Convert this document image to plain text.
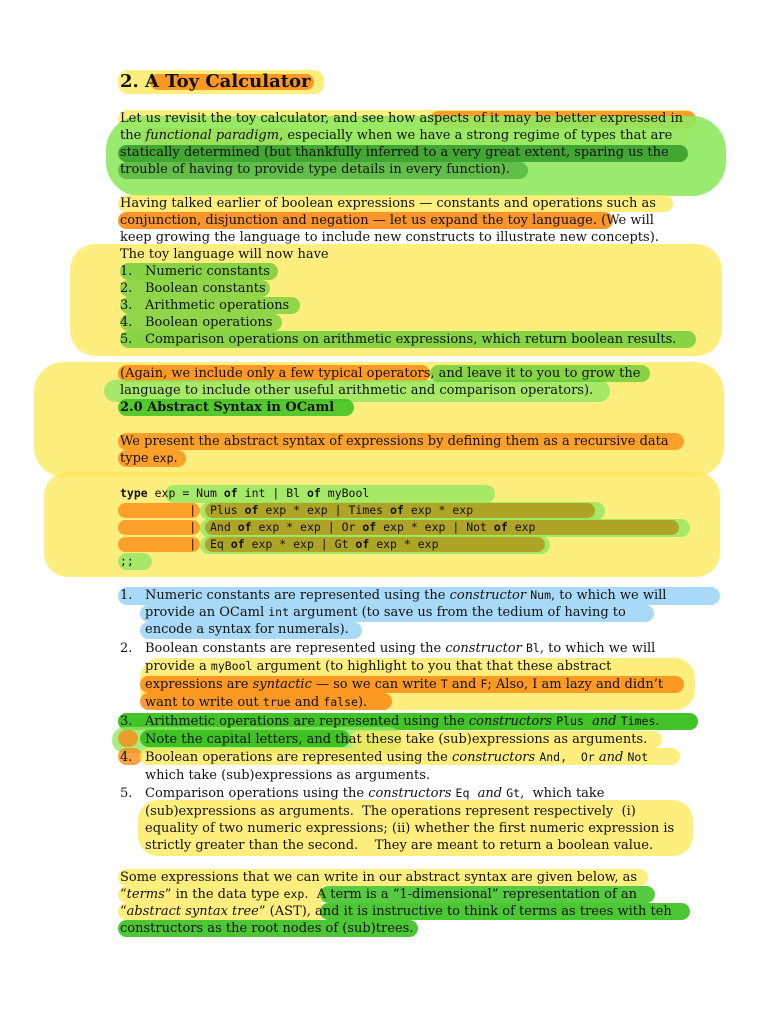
2. A Toy Calculator
Let us revisit the toy calculator, and see how aspects of it may be better expressed in
the functional paradigm, especially when we have a strong regime of types that are
statically determined (but thankfully inferred to a very great extent, sparing us the
trouble of having to provide type details in every function).
Having talked earlier of boolean expressions — constants and operations such as
conjunction, disjunction and negation — let us expand the toy language. (We will
keep growing the language to include new constructs to illustrate new concepts).
The toy language will now have
1. Numeric constants
2. Boolean constants
3. Arithmetic operations
4. Boolean operations
5. Comparison operations on arithmetic expressions, which return boolean results.
(Again, we include only a few typical operators, and leave it to you to grow the
language to include other useful arithmetic and comparison operators).
2.0 Abstract Syntax in OCaml
We present the abstract syntax of expressions by defining them as a recursive data
type exp.
type exp = Num of int | Bl of myBool
|  Plus of exp * exp | Times of exp * exp
|  And of exp * exp | Or of exp * exp | Not of exp
|  Eq of exp * exp | Gt of exp * exp
;;
1. Numeric constants are represented using the constructor Num, to which we will
provide an OCaml int argument (to save us from the tedium of having to
encode a syntax for numerals).
2. Boolean constants are represented using the constructor Bl, to which we will
provide a myBool argument (to highlight to you that that these abstract
expressions are syntactic — so we can write T and F; Also, I am lazy and didn’t
want to write out true and false).
3. Arithmetic operations are represented using the constructors Plus and Times.
Note the capital letters, and that these take (sub)expressions as arguments.
4. Boolean operations are represented using the constructors And,  Or and Not
which take (sub)expressions as arguments.
5. Comparison operations using the constructors Eq and Gt,  which take
(sub)expressions as arguments.  The operations represent respectively  (i)
equality of two numeric expressions; (ii) whether the first numeric expression is
strictly greater than the second.    They are meant to return a boolean value.
Some expressions that we can write in our abstract syntax are given below, as
“terms” in the data type exp.  A term is a “1-dimensional” representation of an
“abstract syntax tree” (AST), and it is instructive to think of terms as trees with teh
constructors as the root nodes of (sub)trees.
